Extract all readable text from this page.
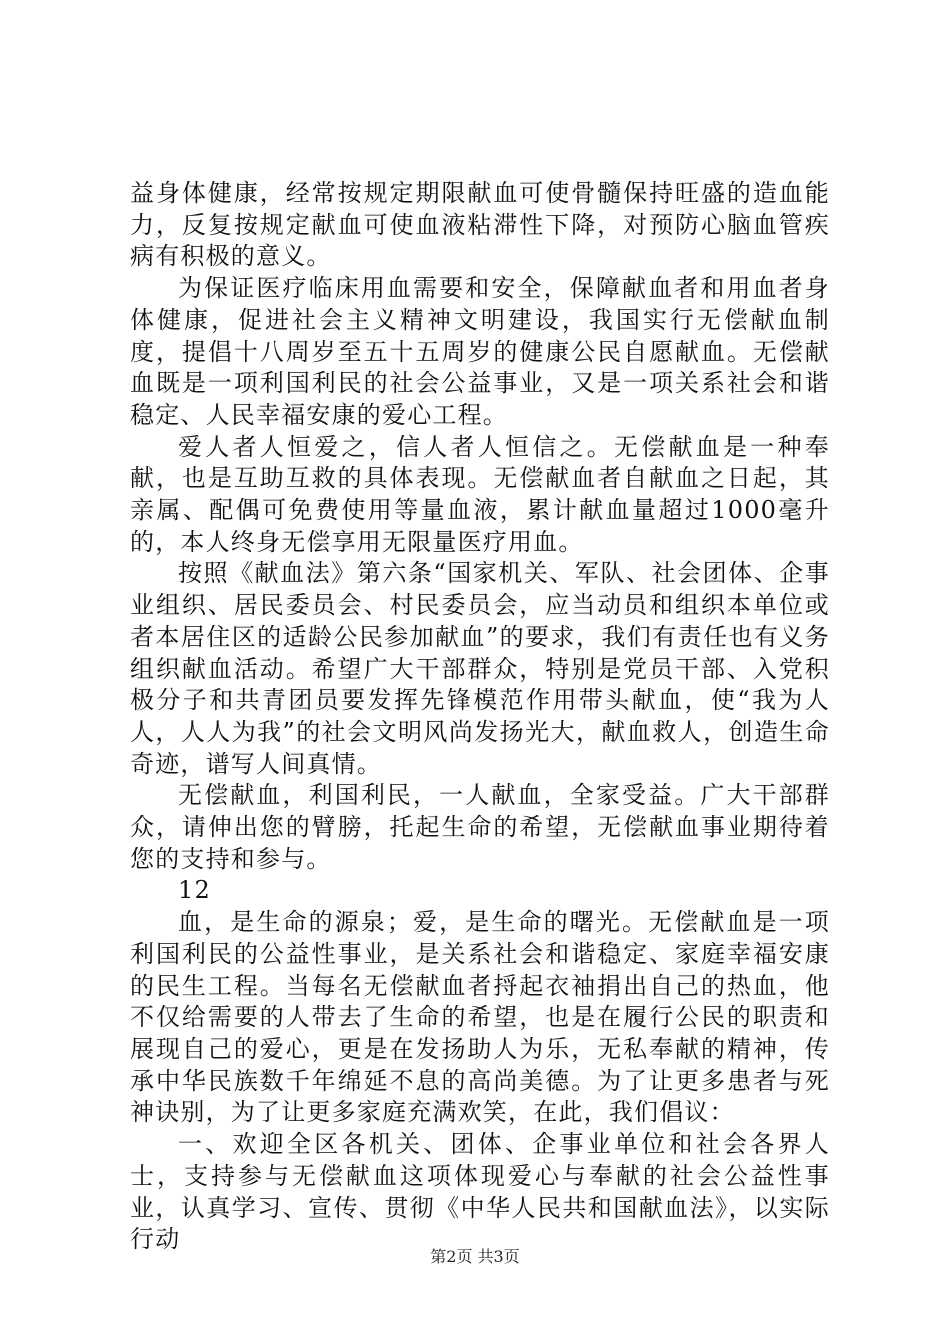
益身体健康，经常按规定期限献血可使骨髓保持旺盛的造血能力，反复按规定献血可使血液粘滞性下降，对预防心脑血管疾病有积极的意义。

为保证医疗临床用血需要和安全，保障献血者和用血者身体健康，促进社会主义精神文明建设，我国实行无偿献血制度，提倡十八周岁至五十五周岁的健康公民自愿献血。无偿献血既是一项利国利民的社会公益事业，又是一项关系社会和谐稳定、人民幸福安康的爱心工程。

爱人者人恒爱之，信人者人恒信之。无偿献血是一种奉献，也是互助互救的具体表现。无偿献血者自献血之日起，其亲属、配偶可免费使用等量血液，累计献血量超过1000毫升的，本人终身无偿享用无限量医疗用血。

按照《献血法》第六条“国家机关、军队、社会团体、企事业组织、居民委员会、村民委员会，应当动员和组织本单位或者本居住区的适龄公民参加献血”的要求，我们有责任也有义务组织献血活动。希望广大干部群众，特别是党员干部、入党积极分子和共青团员要发挥先锋模范作用带头献血，使“我为人人，人人为我”的社会文明风尚发扬光大，献血救人，创造生命奇迹，谱写人间真情。

无偿献血，利国利民，一人献血，全家受益。广大干部群众，请伸出您的臂膀，托起生命的希望，无偿献血事业期待着您的支持和参与。

12

血，是生命的源泉；爱，是生命的曙光。无偿献血是一项利国利民的公益性事业，是关系社会和谐稳定、家庭幸福安康的民生工程。当每名无偿献血者捋起衣袖捐出自己的热血，他不仅给需要的人带去了生命的希望，也是在履行公民的职责和展现自己的爱心，更是在发扬助人为乐，无私奉献的精神，传承中华民族数千年绵延不息的高尚美德。为了让更多患者与死神诀别，为了让更多家庭充满欢笑，在此，我们倡议：

一、欢迎全区各机关、团体、企事业单位和社会各界人士，支持参与无偿献血这项体现爱心与奉献的社会公益性事业，认真学习、宣传、贯彻《中华人民共和国献血法》，以实际行动

第2页 共3页
